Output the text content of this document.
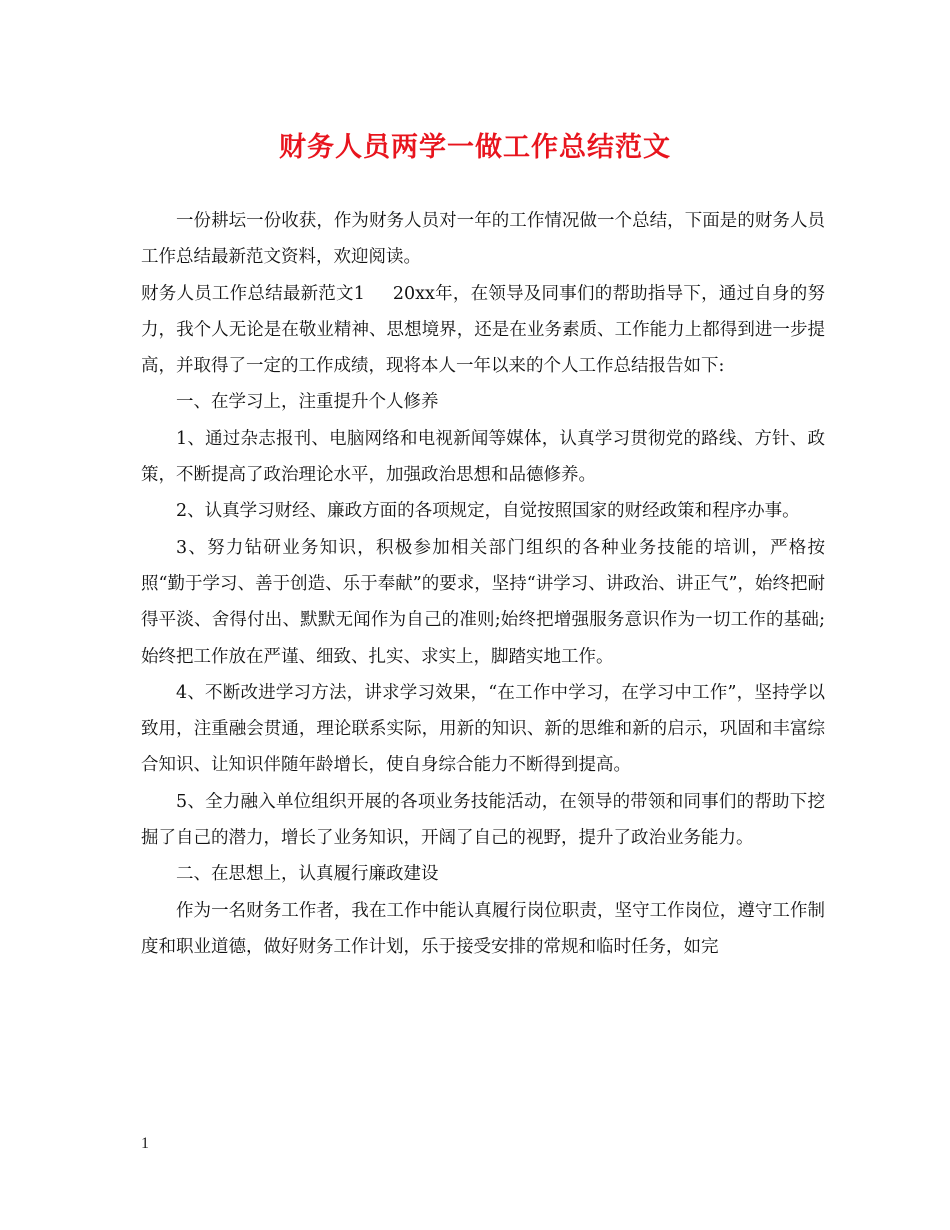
财务人员两学一做工作总结范文

一份耕坛一份收获，作为财务人员对一年的工作情况做一个总结，下面是的财务人员工作总结最新范文资料，欢迎阅读。

财务人员工作总结最新范文1 20xx年，在领导及同事们的帮助指导下，通过自身的努力，我个人无论是在敬业精神、思想境界，还是在业务素质、工作能力上都得到进一步提高，并取得了一定的工作成绩，现将本人一年以来的个人工作总结报告如下:

一、在学习上，注重提升个人修养

1、通过杂志报刊、电脑网络和电视新闻等媒体，认真学习贯彻党的路线、方针、政策，不断提高了政治理论水平，加强政治思想和品德修养。

2、认真学习财经、廉政方面的各项规定，自觉按照国家的财经政策和程序办事。

3、努力钻研业务知识，积极参加相关部门组织的各种业务技能的培训，严格按照“勤于学习、善于创造、乐于奉献”的要求，坚持“讲学习、讲政治、讲正气”，始终把耐得平淡、舍得付出、默默无闻作为自己的准则;始终把增强服务意识作为一切工作的基础;始终把工作放在严谨、细致、扎实、求实上，脚踏实地工作。

4、不断改进学习方法，讲求学习效果，“在工作中学习，在学习中工作”，坚持学以致用，注重融会贯通，理论联系实际，用新的知识、新的思维和新的启示，巩固和丰富综合知识、让知识伴随年龄增长，使自身综合能力不断得到提高。

5、全力融入单位组织开展的各项业务技能活动，在领导的带领和同事们的帮助下挖掘了自己的潜力，增长了业务知识，开阔了自己的视野，提升了政治业务能力。

二、在思想上，认真履行廉政建设

作为一名财务工作者，我在工作中能认真履行岗位职责，坚守工作岗位，遵守工作制度和职业道德，做好财务工作计划，乐于接受安排的常规和临时任务，如完

1
